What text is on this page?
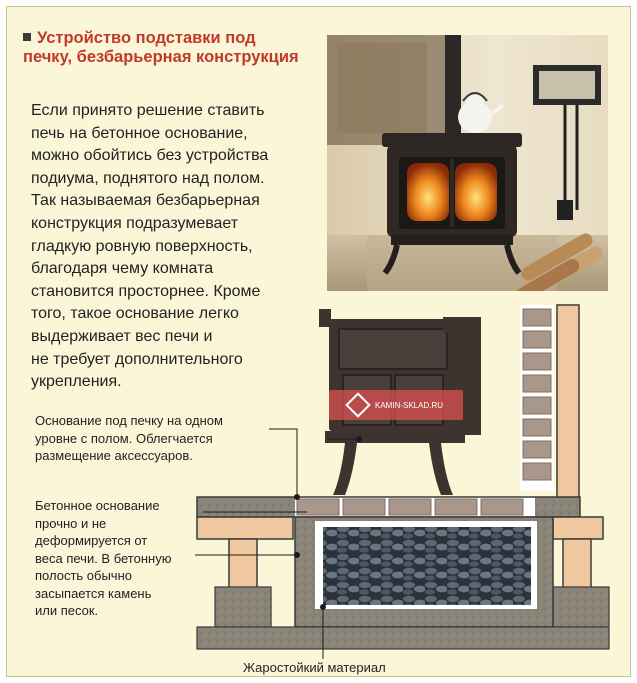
Устройство подставки под печку, безбарьерная конструкция
Если принято решение ставить
печь на бетонное основание,
можно обойтись без устройства
подиума, поднятого над полом.
Так называемая безбарьерная
конструкция подразумевает
гладкую ровную поверхность,
благодаря чему комната
становится просторнее. Кроме
того, такое основание легко
выдерживает вес печи и
не требует дополнительного
укрепления.
KAMIN-SKLAD.RU
Основание под печку на одном
уровне с полом. Облегчается
размещение аксессуаров.
Бетонное основание
прочно и не
деформируется от
веса печи. В бетонную
полость обычно
засыпается камень
или песок.
Жаростойкий материал
